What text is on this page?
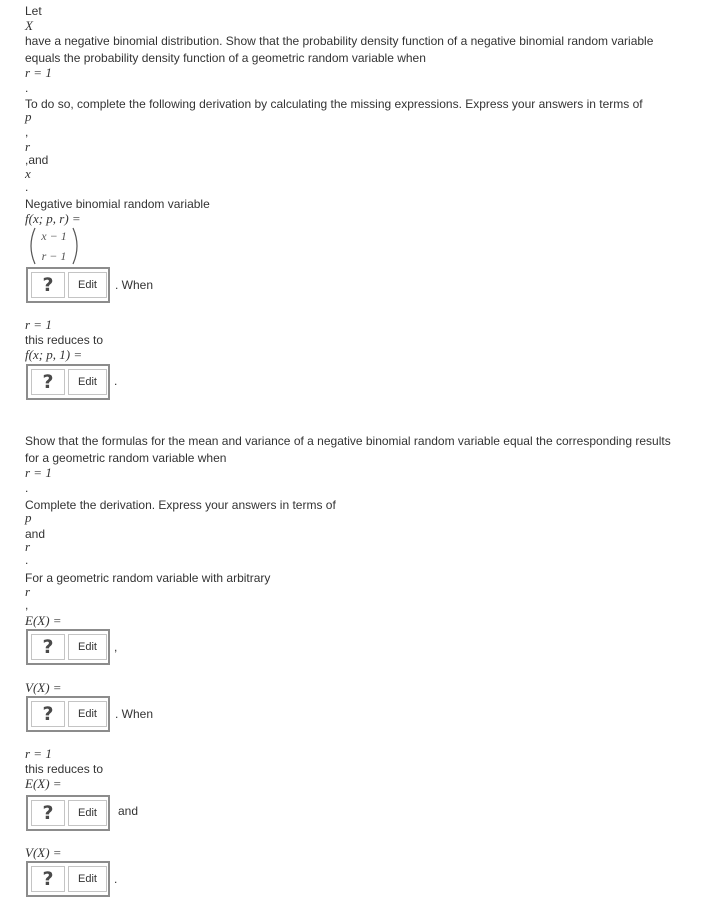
Let
X
have a negative binomial distribution. Show that the probability density function of a negative binomial random variable
equals the probability density function of a geometric random variable when
r = 1
.
To do so, complete the following derivation by calculating the missing expressions. Express your answers in terms of
p
,
r
,and
x
.
Negative binomial random variable
f(x; p, r) =
x − 1
r − 1
?	Edit	. When
r = 1
this reduces to
f(x; p, 1) =
?	Edit	.
Show that the formulas for the mean and variance of a negative binomial random variable equal the corresponding results
for a geometric random variable when
r = 1
.
Complete the derivation. Express your answers in terms of
p
and
r
.
For a geometric random variable with arbitrary
r
,
E(X) =
?	Edit	,
V(X) =
?	Edit	. When
r = 1
this reduces to
E(X) =
?	Edit	and
V(X) =
?	Edit	.
